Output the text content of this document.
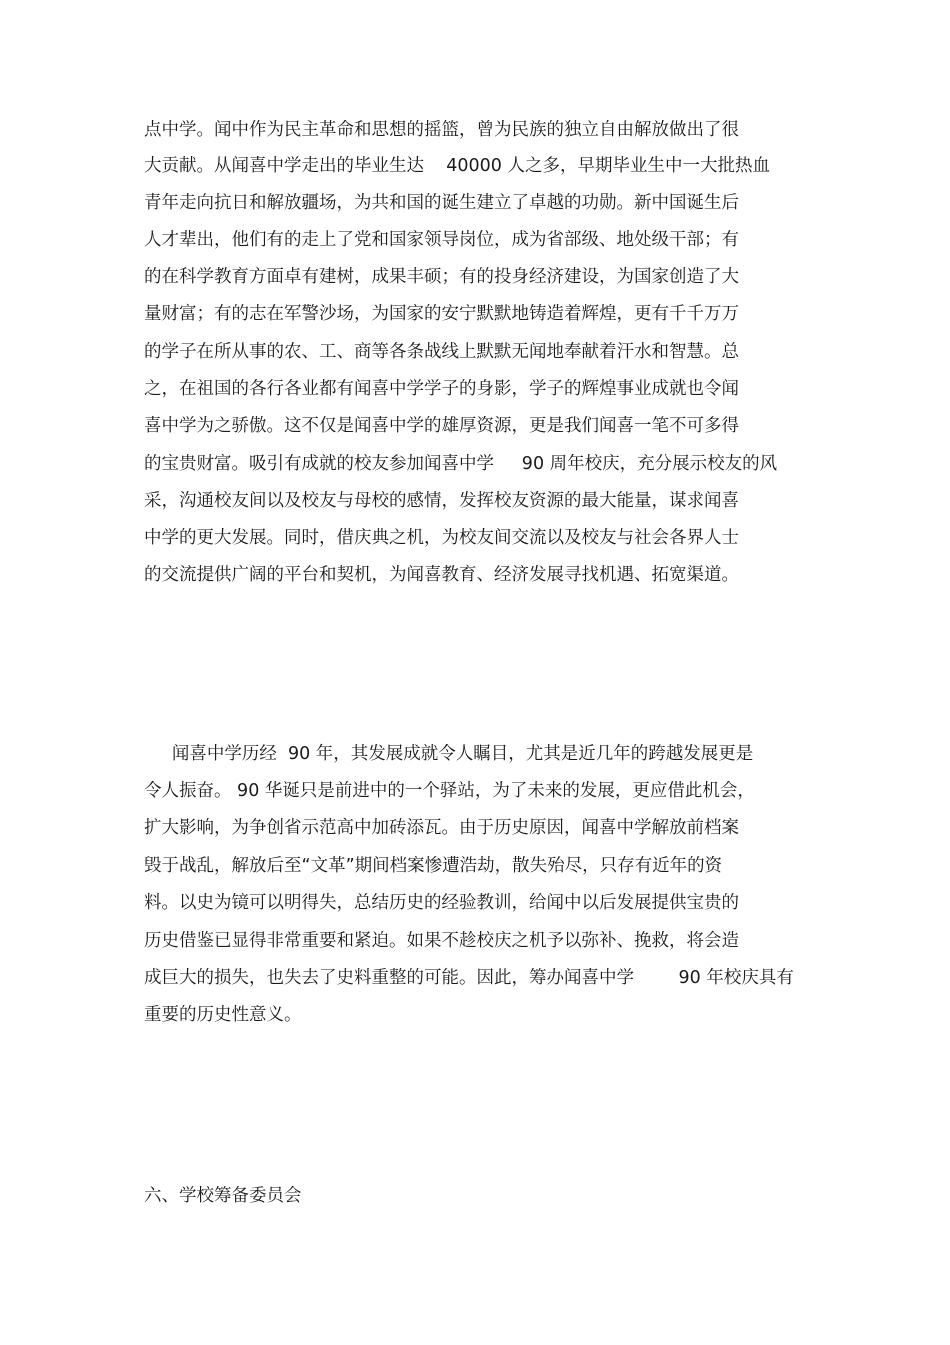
点中学。闻中作为民主革命和思想的摇篮，曾为民族的独立自由解放做出了很
大贡献。从闻喜中学走出的毕业生达    40000 人之多，早期毕业生中一大批热血
青年走向抗日和解放疆场，为共和国的诞生建立了卓越的功勋。新中国诞生后
人才辈出，他们有的走上了党和国家领导岗位，成为省部级、地处级干部；有
的在科学教育方面卓有建树，成果丰硕；有的投身经济建设，为国家创造了大
量财富；有的志在军警沙场，为国家的安宁默默地铸造着辉煌，更有千千万万
的学子在所从事的农、工、商等各条战线上默默无闻地奉献着汗水和智慧。总
之，在祖国的各行各业都有闻喜中学学子的身影，学子的辉煌事业成就也令闻
喜中学为之骄傲。这不仅是闻喜中学的雄厚资源，更是我们闻喜一笔不可多得
的宝贵财富。吸引有成就的校友参加闻喜中学     90 周年校庆，充分展示校友的风
采，沟通校友间以及校友与母校的感情，发挥校友资源的最大能量，谋求闻喜
中学的更大发展。同时，借庆典之机，为校友间交流以及校友与社会各界人士
的交流提供广阔的平台和契机，为闻喜教育、经济发展寻找机遇、拓宽渠道。
闻喜中学历经  90 年，其发展成就令人瞩目，尤其是近几年的跨越发展更是
令人振奋。 90 华诞只是前进中的一个驿站，为了未来的发展，更应借此机会，
扩大影响，为争创省示范高中加砖添瓦。由于历史原因，闻喜中学解放前档案
毁于战乱，解放后至“文革”期间档案惨遭浩劫，散失殆尽，只存有近年的资
料。以史为镜可以明得失，总结历史的经验教训，给闻中以后发展提供宝贵的
历史借鉴已显得非常重要和紧迫。如果不趁校庆之机予以弥补、挽救，将会造
成巨大的损失，也失去了史料重整的可能。因此，筹办闻喜中学        90 年校庆具有
重要的历史性意义。
六、学校筹备委员会
